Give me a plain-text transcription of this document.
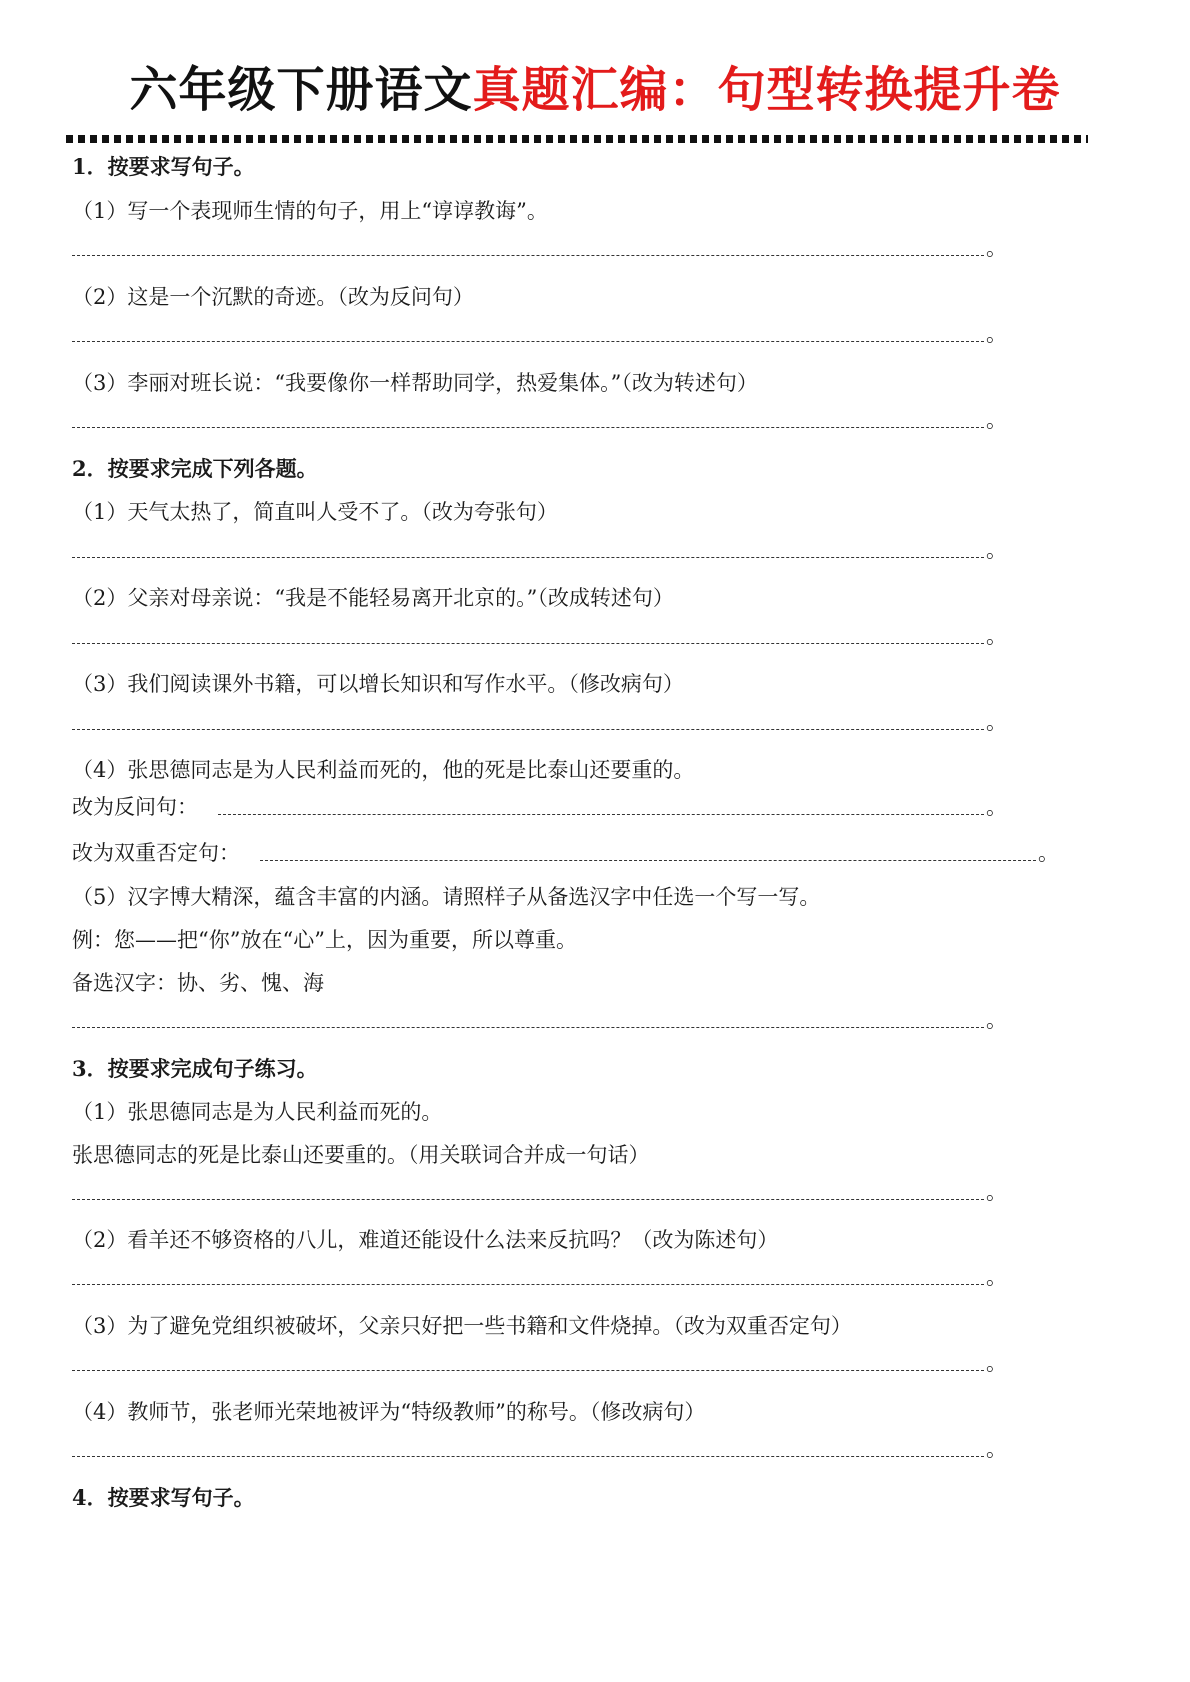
六年级下册语文真题汇编：句型转换提升卷
1．按要求写句子。
（1）写一个表现师生情的句子，用上“谆谆教诲”。
。
（2）这是一个沉默的奇迹。（改为反问句）
。
（3）李丽对班长说：“我要像你一样帮助同学，热爱集体。”（改为转述句）
。
2．按要求完成下列各题。
（1）天气太热了，简直叫人受不了。（改为夸张句）
。
（2）父亲对母亲说：“我是不能轻易离开北京的。”（改成转述句）
。
（3）我们阅读课外书籍，可以增长知识和写作水平。（修改病句）
。
（4）张思德同志是为人民利益而死的，他的死是比泰山还要重的。
改为反问句：	。
改为双重否定句：	。
（5）汉字博大精深，蕴含丰富的内涵。请照样子从备选汉字中任选一个写一写。
例：您——把“你”放在“心”上，因为重要，所以尊重。
备选汉字：协、劣、愧、海
。
3．按要求完成句子练习。
（1）张思德同志是为人民利益而死的。
张思德同志的死是比泰山还要重的。（用关联词合并成一句话）
。
（2）看羊还不够资格的八儿，难道还能设什么法来反抗吗？（改为陈述句）
。
（3）为了避免党组织被破坏，父亲只好把一些书籍和文件烧掉。（改为双重否定句）
。
（4）教师节，张老师光荣地被评为“特级教师”的称号。（修改病句）
。
4．按要求写句子。
